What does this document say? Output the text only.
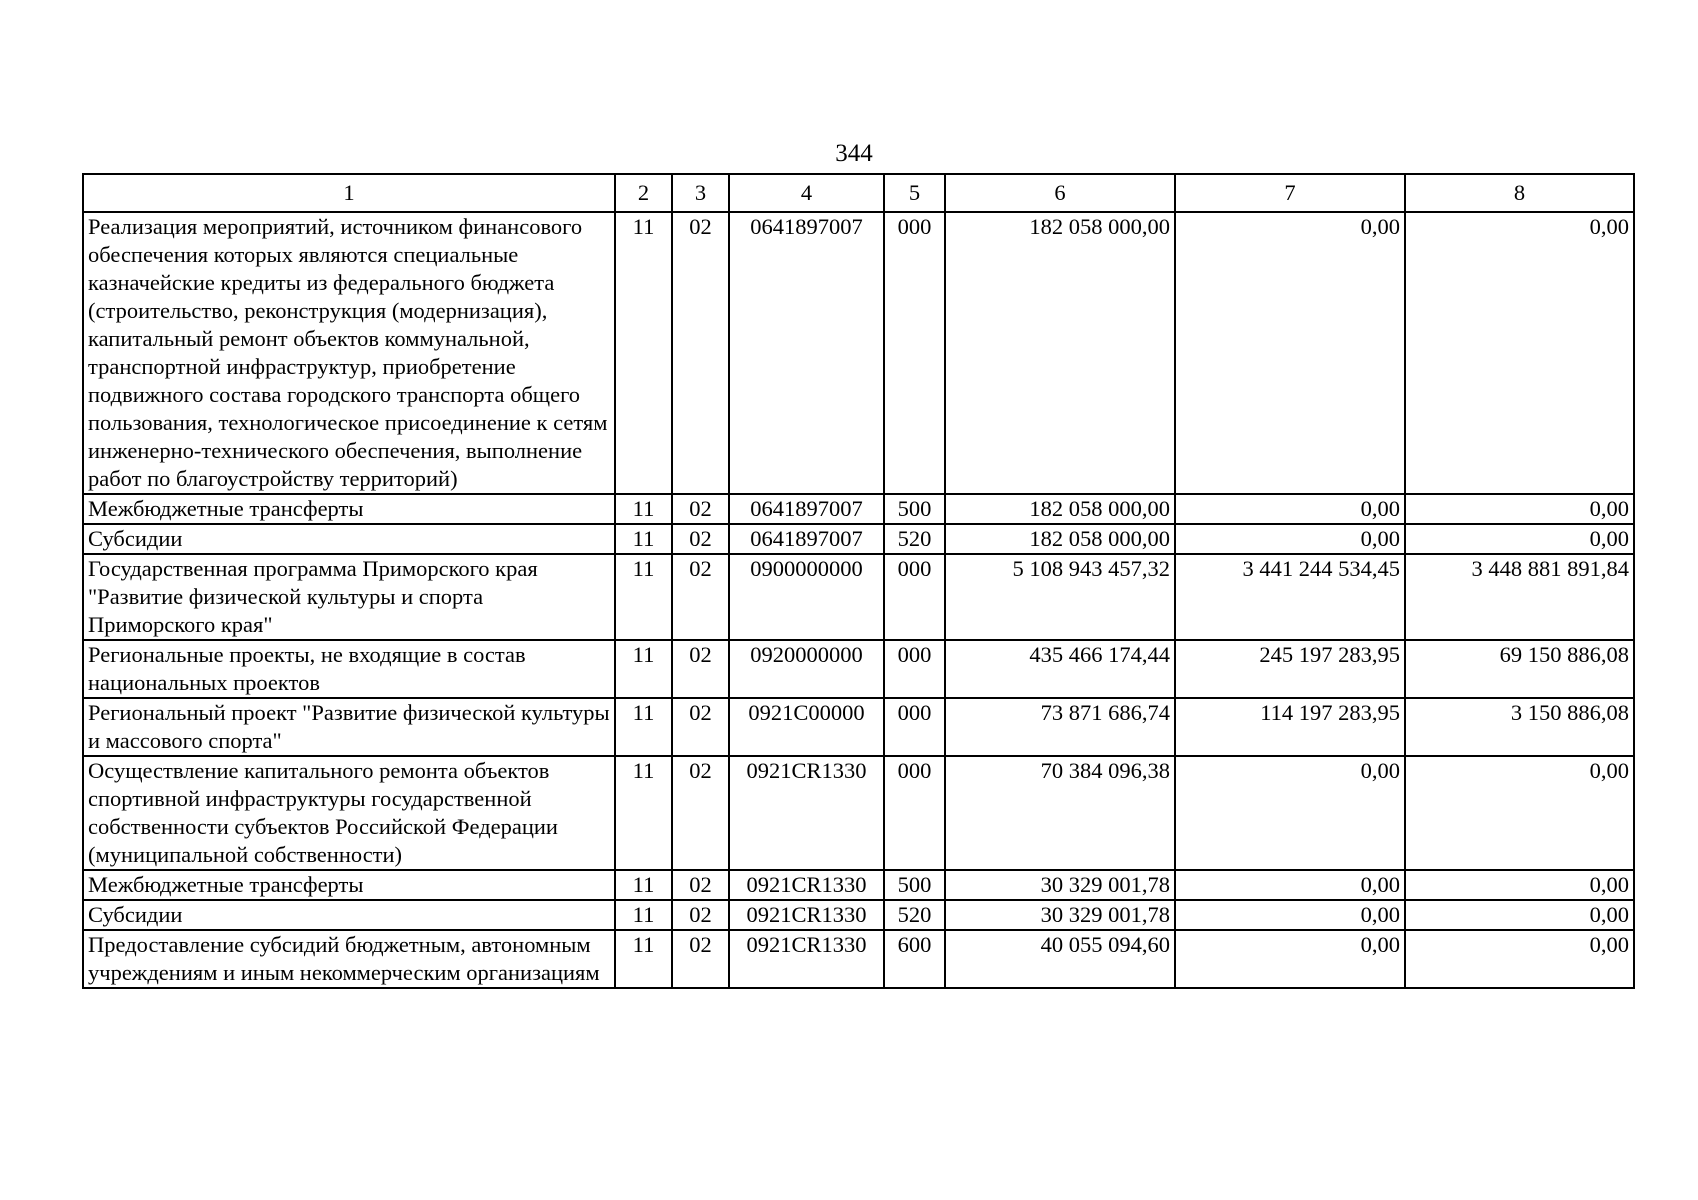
344
1	2	3	4	5	6	7	8
Реализация мероприятий, источником финансового обеспечения которых являются специальные казначейские кредиты из федерального бюджета (строительство, реконструкция (модернизация), капитальный ремонт объектов коммунальной, транспортной инфраструктур, приобретение подвижного состава городского транспорта общего пользования, технологическое присоединение к сетям инженерно-технического обеспечения, выполнение работ по благоустройству территорий)	11	02	0641897007	000	182 058 000,00	0,00	0,00
Межбюджетные трансферты	11	02	0641897007	500	182 058 000,00	0,00	0,00
Субсидии	11	02	0641897007	520	182 058 000,00	0,00	0,00
Государственная программа Приморского края "Развитие физической культуры и спорта Приморского края"	11	02	0900000000	000	5 108 943 457,32	3 441 244 534,45	3 448 881 891,84
Региональные проекты, не входящие в состав национальных проектов	11	02	0920000000	000	435 466 174,44	245 197 283,95	69 150 886,08
Региональный проект "Развитие физической культуры и массового спорта"	11	02	0921C00000	000	73 871 686,74	114 197 283,95	3 150 886,08
Осуществление капитального ремонта объектов спортивной инфраструктуры государственной собственности субъектов Российской Федерации (муниципальной собственности)	11	02	0921CR1330	000	70 384 096,38	0,00	0,00
Межбюджетные трансферты	11	02	0921CR1330	500	30 329 001,78	0,00	0,00
Субсидии	11	02	0921CR1330	520	30 329 001,78	0,00	0,00
Предоставление субсидий бюджетным, автономным учреждениям и иным некоммерческим организациям	11	02	0921CR1330	600	40 055 094,60	0,00	0,00
